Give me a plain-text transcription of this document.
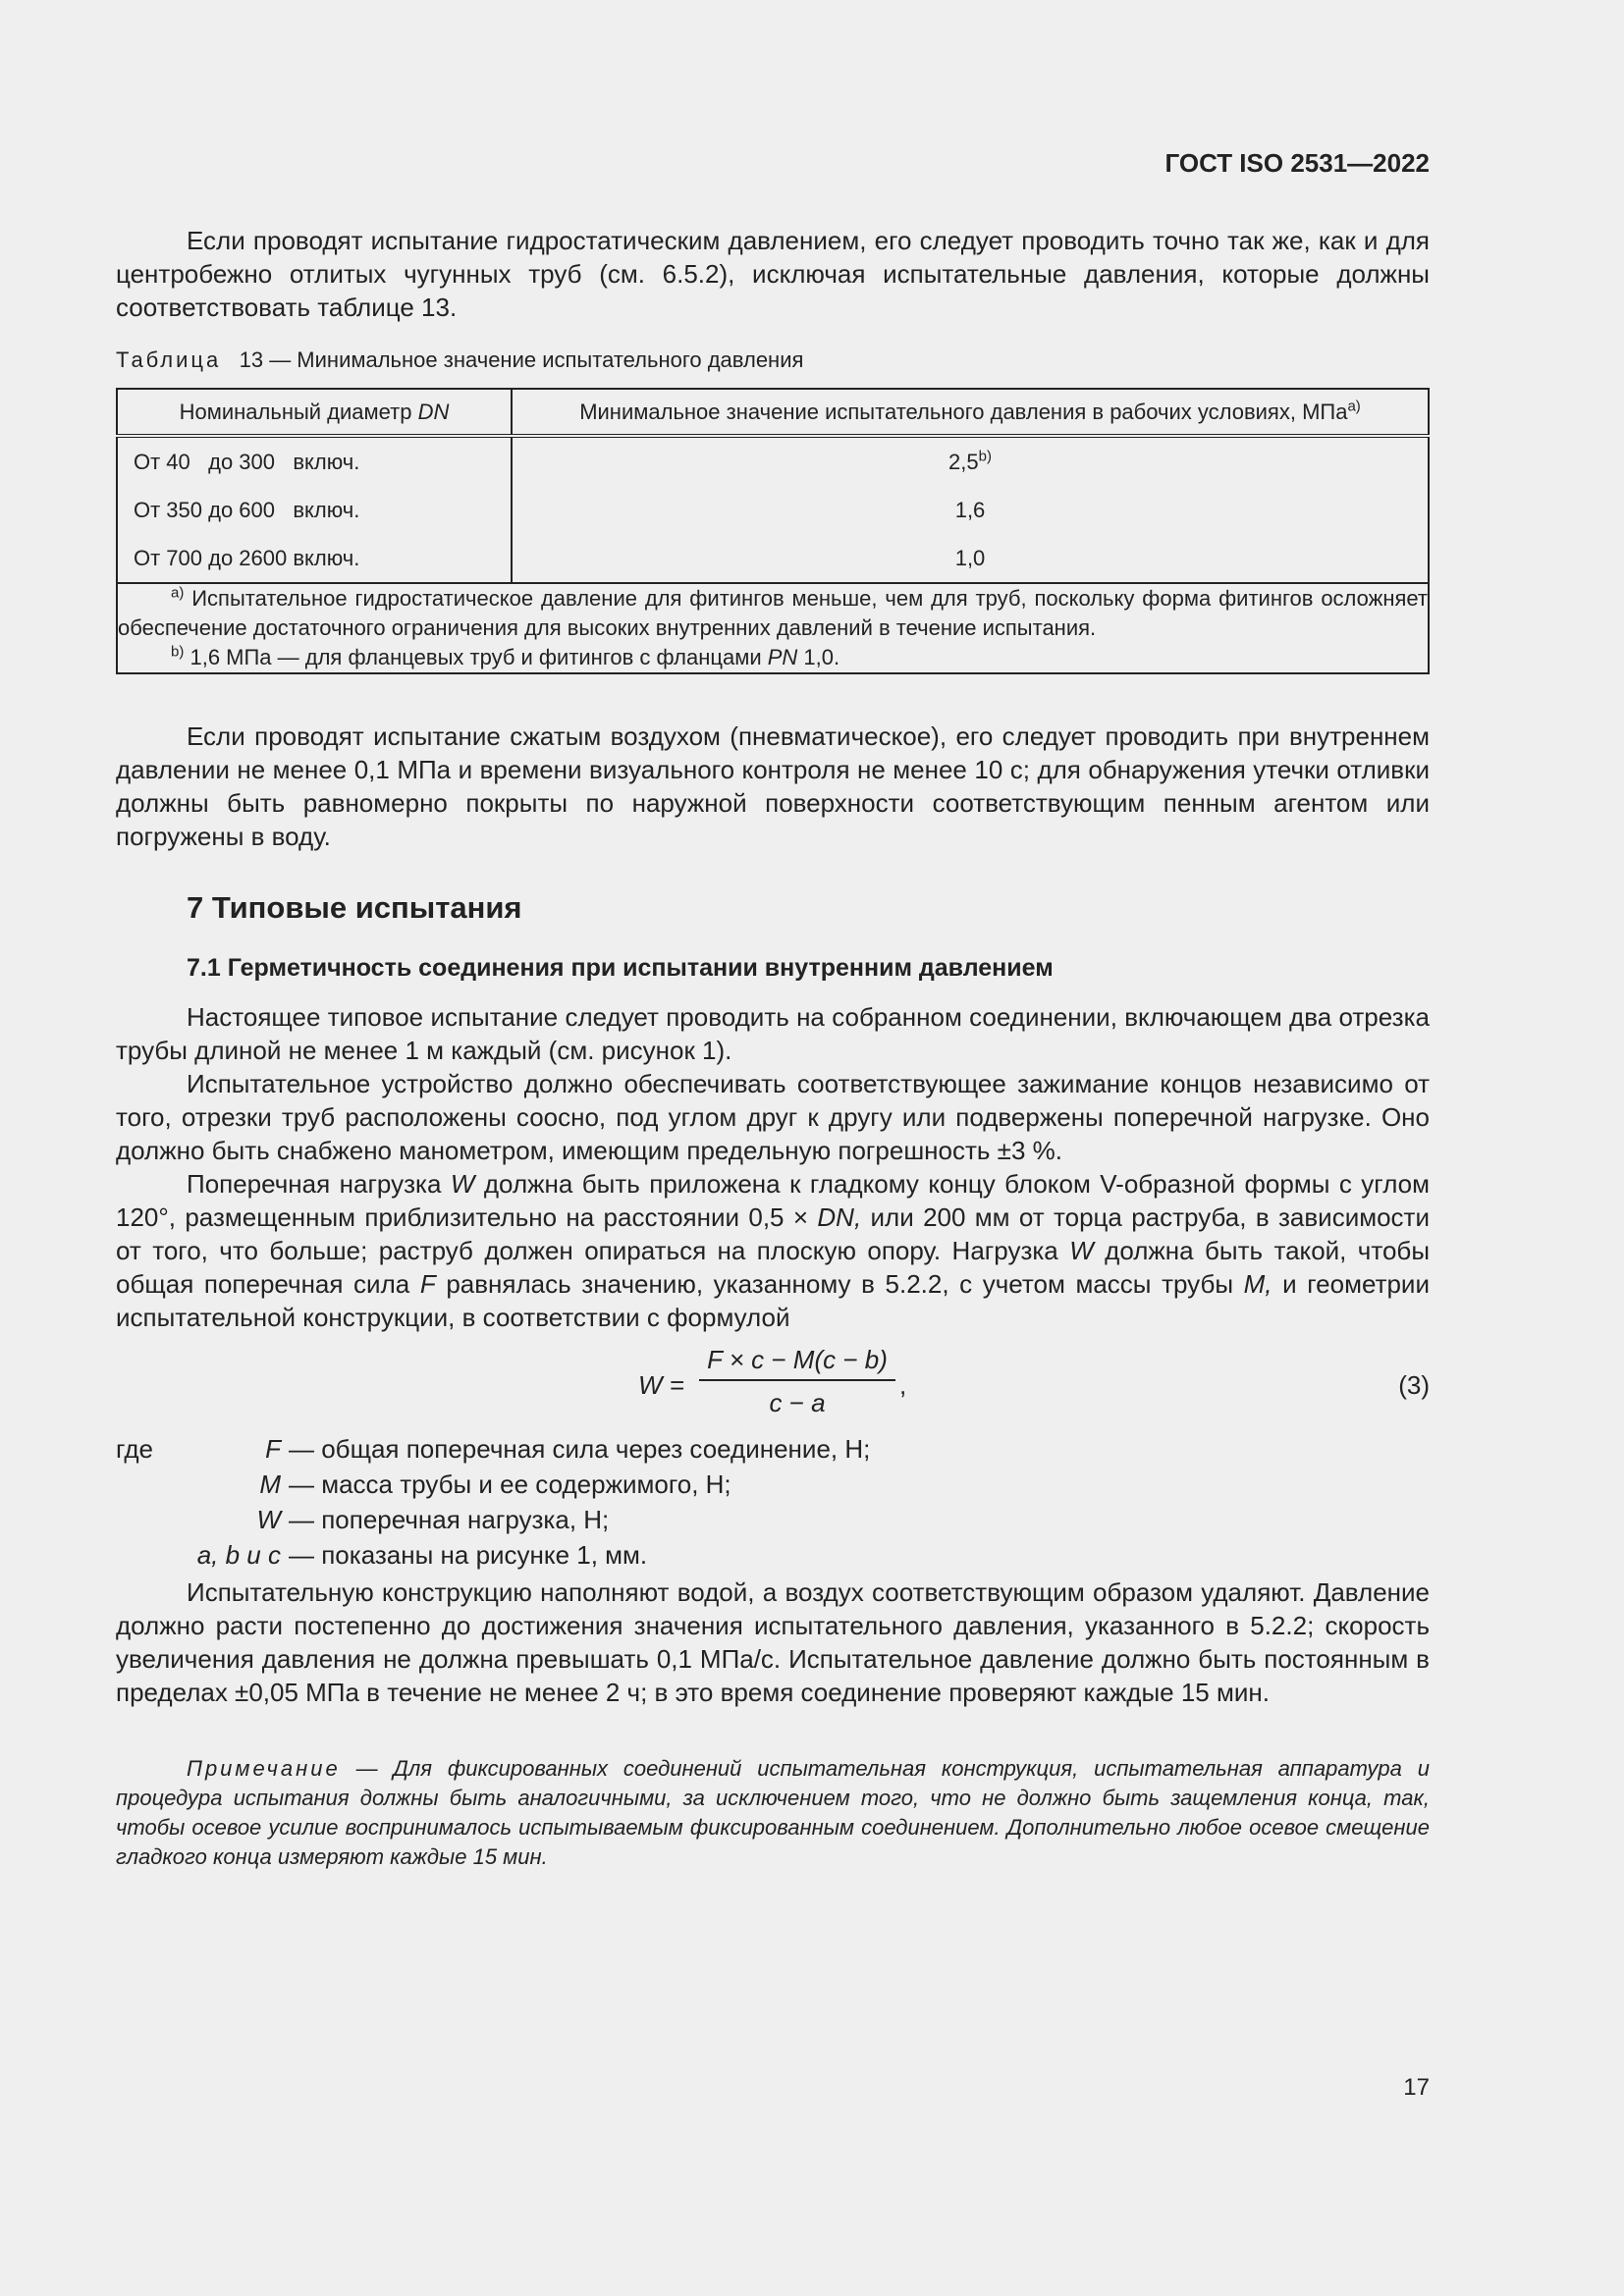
ГОСТ ISO 2531—2022

Если проводят испытание гидростатическим давлением, его следует проводить точно так же, как и для центробежно отлитых чугунных труб (см. 6.5.2), исключая испытательные давления, которые должны соответствовать таблице 13.

Таблица 13 — Минимальное значение испытательного давления
Номинальный диаметр DN	Минимальное значение испытательного давления в рабочих условиях, МПа$^{a)}$
От 40   до 300   включ.	2,5$^{b)}$
От 350 до 600   включ.	1,6
От 700 до 2600 включ.	1,0

$^{a)}$ Испытательное гидростатическое давление для фитингов меньше, чем для труб, поскольку форма фитингов осложняет обеспечение достаточного ограничения для высоких внутренних давлений в течение испытания.

$^{b)}$ 1,6 МПа — для фланцевых труб и фитингов с фланцами PN 1,0.	

Если проводят испытание сжатым воздухом (пневматическое), его следует проводить при внутреннем давлении не менее 0,1 МПа и времени визуального контроля не менее 10 с; для обнаружения утечки отливки должны быть равномерно покрыты по наружной поверхности соответствующим пенным агентом или погружены в воду.

7 Типовые испытания
7.1 Герметичность соединения при испытании внутренним давлением

Настоящее типовое испытание следует проводить на собранном соединении, включающем два отрезка трубы длиной не менее 1 м каждый (см. рисунок 1).

Испытательное устройство должно обеспечивать соответствующее зажимание концов независимо от того, отрезки труб расположены соосно, под углом друг к другу или подвержены поперечной нагрузке. Оно должно быть снабжено манометром, имеющим предельную погрешность ±3 %.

Поперечная нагрузка W должна быть приложена к гладкому концу блоком V-образной формы с углом 120°, размещенным приблизительно на расстоянии 0,5 × DN, или 200 мм от торца раструба, в зависимости от того, что больше; раструб должен опираться на плоскую опору. Нагрузка W должна быть такой, чтобы общая поперечная сила F равнялась значению, указанному в 5.2.2, с учетом массы трубы M, и геометрии испытательной конструкции, в соответствии с формулой

W =
F × c − M(c − b)
c − a
,	(3)
где	F — общая поперечная сила через соединение, Н;
M — масса трубы и ее содержимого, Н;
W — поперечная нагрузка, Н;
a, b и c — показаны на рисунке 1, мм.

Испытательную конструкцию наполняют водой, а воздух соответствующим образом удаляют. Давление должно расти постепенно до достижения значения испытательного давления, указанного в 5.2.2; скорость увеличения давления не должна превышать 0,1 МПа/с. Испытательное давление должно быть постоянным в пределах ±0,05 МПа в течение не менее 2 ч; в это время соединение проверяют каждые 15 мин.

Примечание — Для фиксированных соединений испытательная конструкция, испытательная аппаратура и процедура испытания должны быть аналогичными, за исключением того, что не должно быть защемления конца, так, чтобы осевое усилие воспринималось испытываемым фиксированным соединением. Дополнительно любое осевое смещение гладкого конца измеряют каждые 15 мин.

17
